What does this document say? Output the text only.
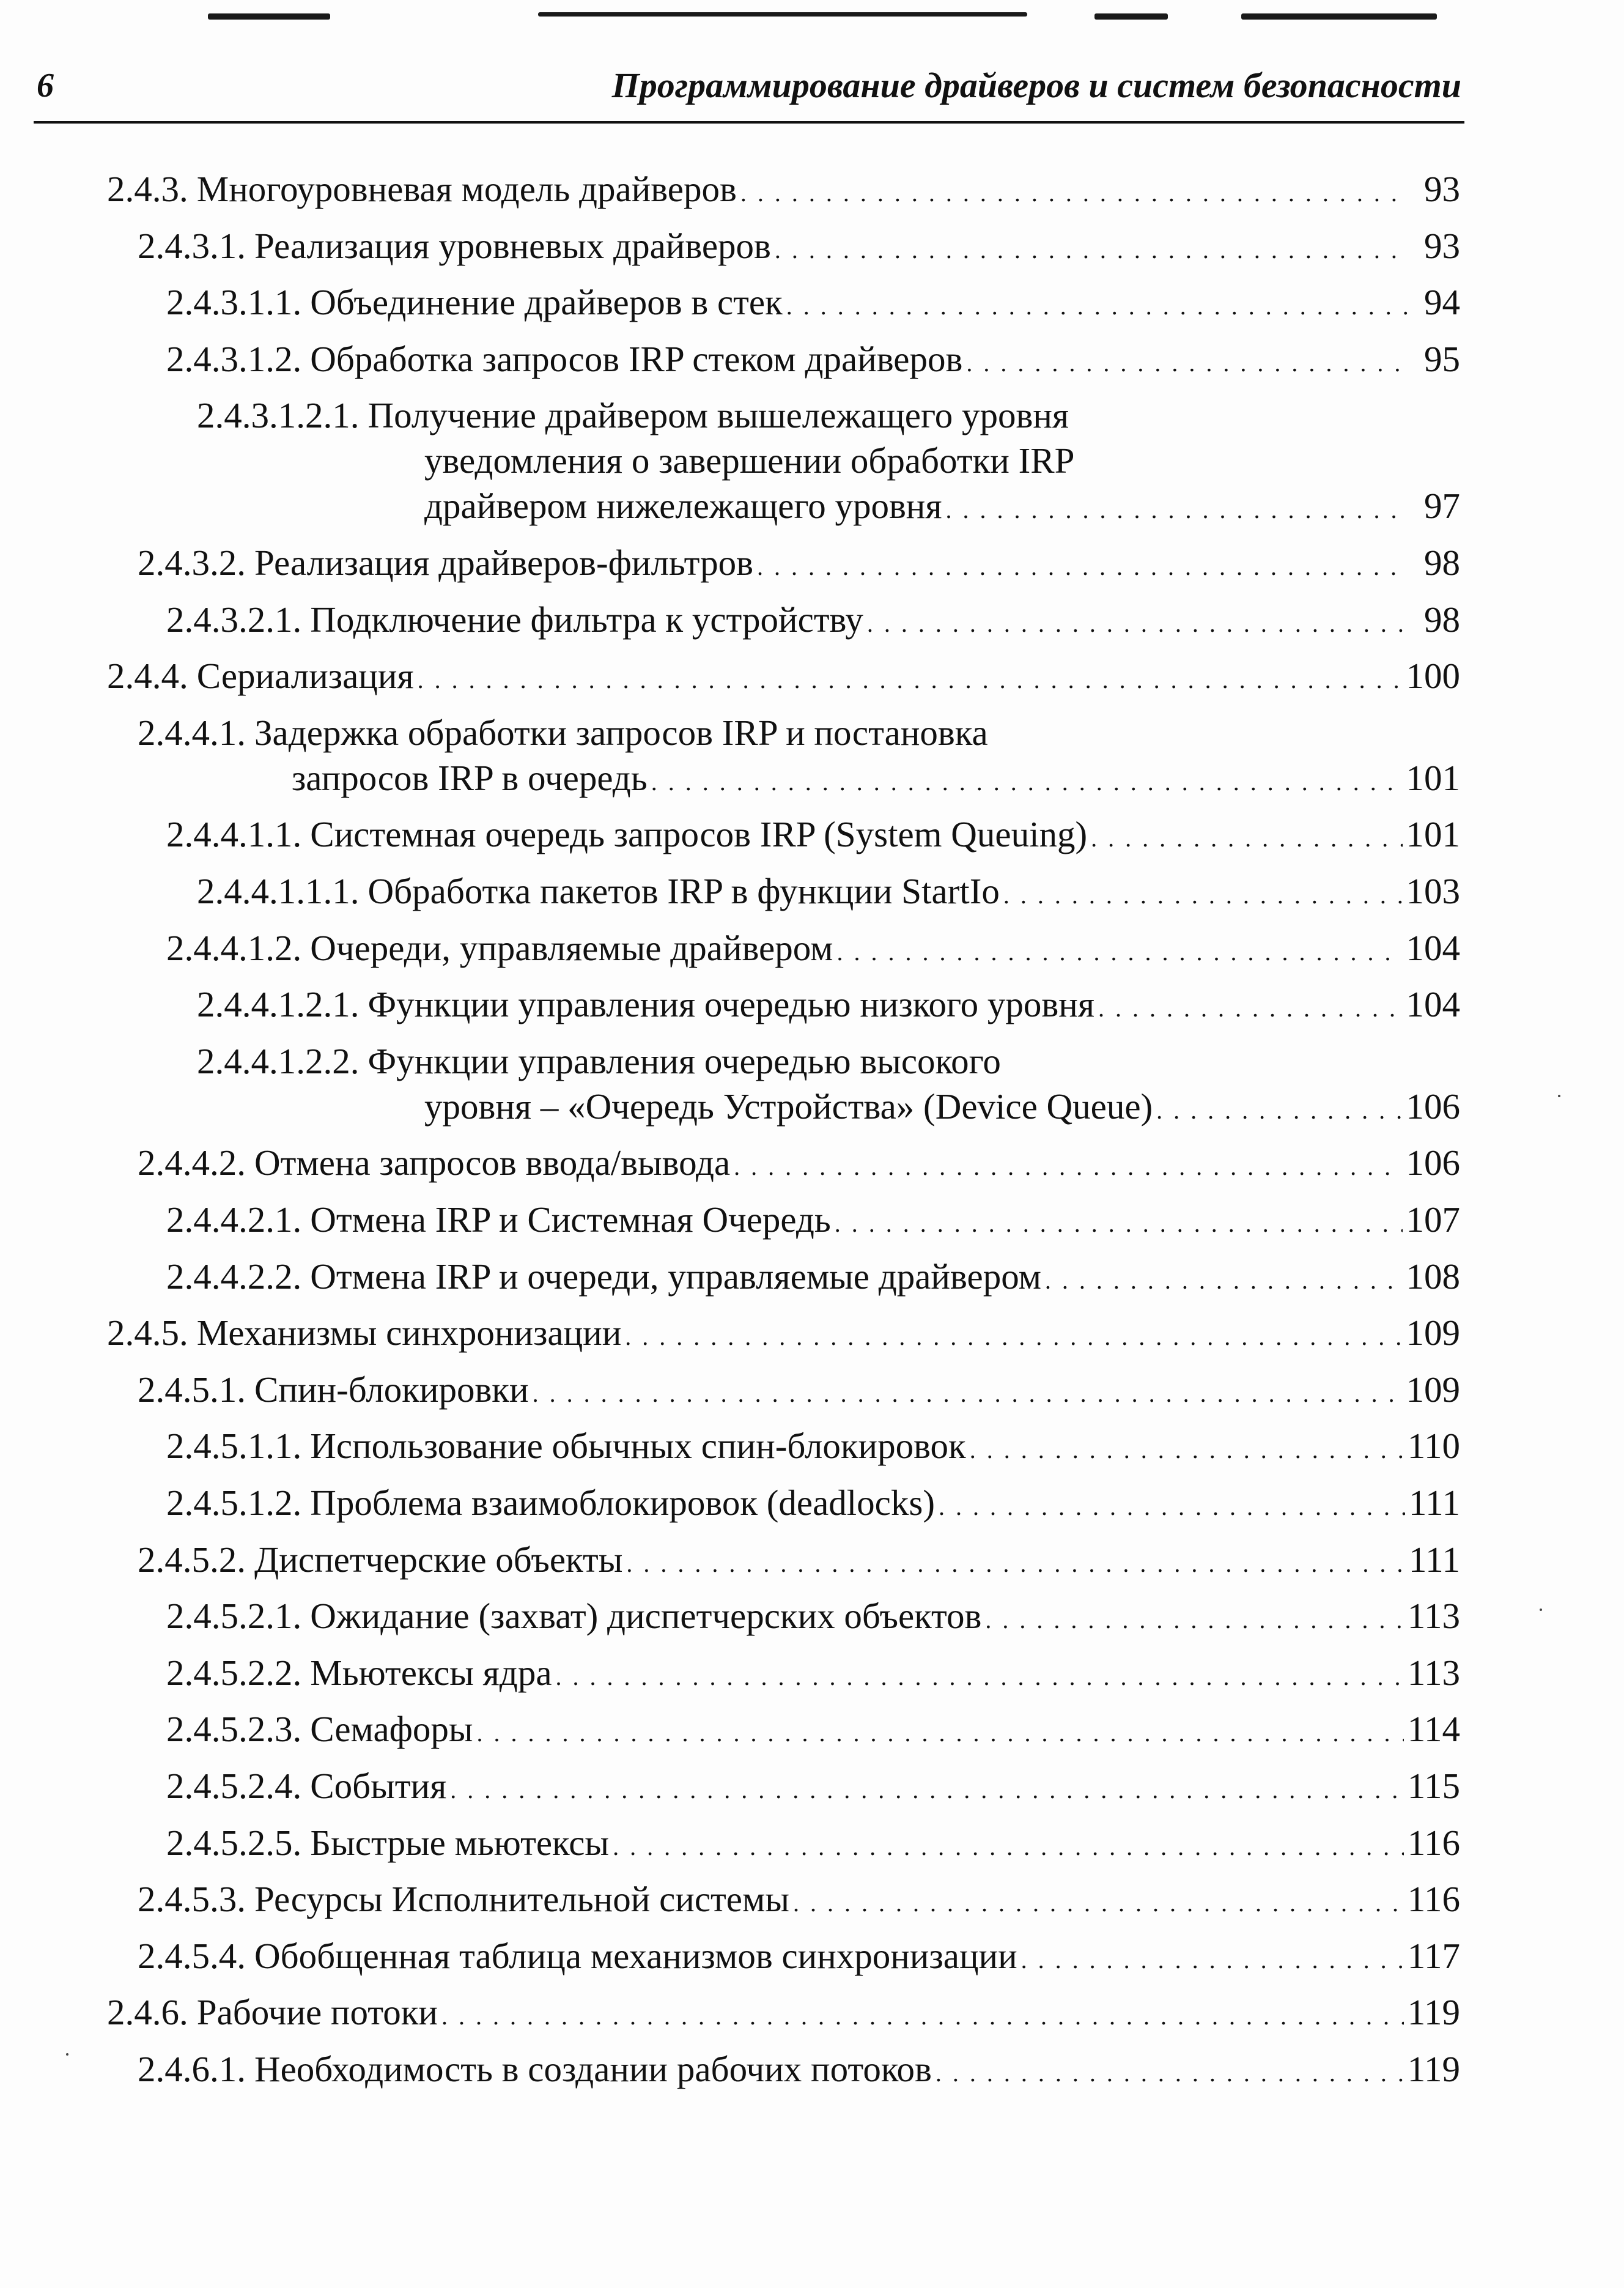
6	Программирование драйверов и систем безопасности
2.4.3. Многоуровневая модель драйверов . . .	93
2.4.3.1. Реализация уровневых драйверов . . .	93
2.4.3.1.1. Объединение драйверов в стек . . .	94
2.4.3.1.2. Обработка запросов IRP стеком драйверов . . .	95
2.4.3.1.2.1. Получение драйвером вышележащего уровня
уведомления о завершении обработки IRP
драйвером нижележащего уровня . . .	97
2.4.3.2. Реализация драйверов-фильтров . . .	98
2.4.3.2.1. Подключение фильтра к устройству . . .	98
2.4.4. Сериализация . . .	100
2.4.4.1. Задержка обработки запросов IRP и постановка
запросов IRP в очередь . . .	101
2.4.4.1.1. Системная очередь запросов IRP (System Queuing) . . .	101
2.4.4.1.1.1. Обработка пакетов IRP в функции StartIo . . .	103
2.4.4.1.2. Очереди, управляемые драйвером . . .	104
2.4.4.1.2.1. Функции управления очередью низкого уровня . . .	104
2.4.4.1.2.2. Функции управления очередью высокого
уровня – «Очередь Устройства» (Device Queue) . . .	106
2.4.4.2. Отмена запросов ввода/вывода . . .	106
2.4.4.2.1. Отмена IRP и Системная Очередь . . .	107
2.4.4.2.2. Отмена IRP и очереди, управляемые драйвером . . .	108
2.4.5. Механизмы синхронизации . . .	109
2.4.5.1. Спин-блокировки . . .	109
2.4.5.1.1. Использование обычных спин-блокировок . . .	110
2.4.5.1.2. Проблема взаимоблокировок (deadlocks) . . .	111
2.4.5.2. Диспетчерские объекты . . .	111
2.4.5.2.1. Ожидание (захват) диспетчерских объектов . . .	113
2.4.5.2.2. Мьютексы ядра . . .	113
2.4.5.2.3. Семафоры . . .	114
2.4.5.2.4. События . . .	115
2.4.5.2.5. Быстрые мьютексы . . .	116
2.4.5.3. Ресурсы Исполнительной системы . . .	116
2.4.5.4. Обобщенная таблица механизмов синхронизации . . .	117
2.4.6. Рабочие потоки . . .	119
2.4.6.1. Необходимость в создании рабочих потоков . . .	119
